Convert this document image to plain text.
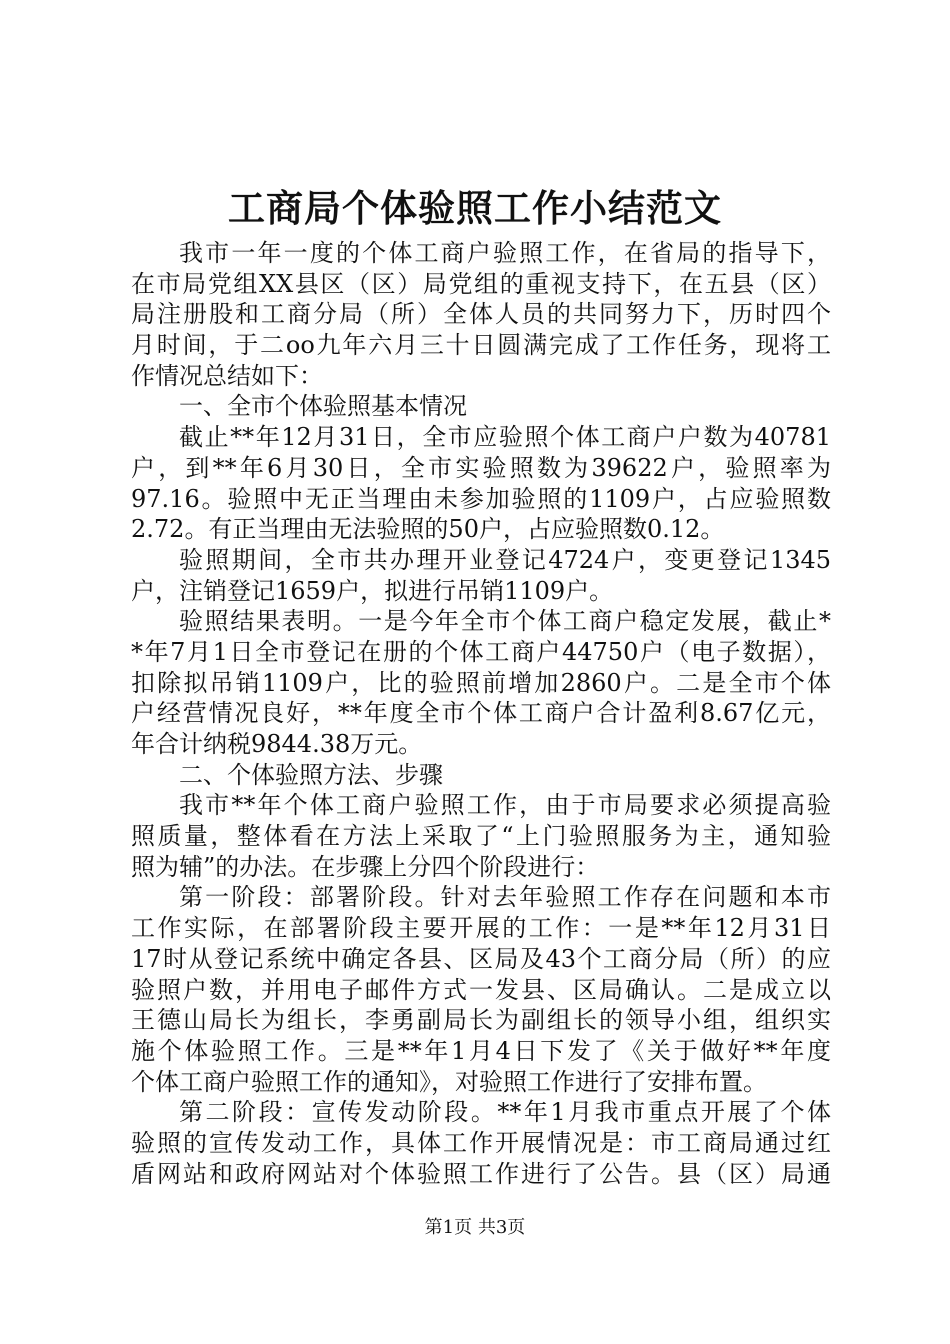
工商局个体验照工作小结范文
我市一年一度的个体工商户验照工作，在省局的指导下，
在市局党组XX县区（区）局党组的重视支持下，在五县（区）
局注册股和工商分局（所）全体人员的共同努力下，历时四个
月时间，于二oo九年六月三十日圆满完成了工作任务，现将工
作情况总结如下：
一、全市个体验照基本情况
截止**年12月31日，全市应验照个体工商户户数为40781
户，到**年6月30日，全市实验照数为39622户，验照率为
97.16。验照中无正当理由未参加验照的1109户，占应验照数
2.72。有正当理由无法验照的50户，占应验照数0.12。
验照期间，全市共办理开业登记4724户，变更登记1345
户，注销登记1659户，拟进行吊销1109户。
验照结果表明。一是今年全市个体工商户稳定发展，截止*
*年7月1日全市登记在册的个体工商户44750户（电子数据），
扣除拟吊销1109户，比的验照前增加2860户。二是全市个体
户经营情况良好，**年度全市个体工商户合计盈利8.67亿元，
年合计纳税9844.38万元。
二、个体验照方法、步骤
我市**年个体工商户验照工作，由于市局要求必须提高验
照质量，整体看在方法上采取了“上门验照服务为主，通知验
照为辅”的办法。在步骤上分四个阶段进行：
第一阶段：部署阶段。针对去年验照工作存在问题和本市
工作实际，在部署阶段主要开展的工作：一是**年12月31日
17时从登记系统中确定各县、区局及43个工商分局（所）的应
验照户数，并用电子邮件方式一发县、区局确认。二是成立以
王德山局长为组长，李勇副局长为副组长的领导小组，组织实
施个体验照工作。三是**年1月4日下发了《关于做好**年度
个体工商户验照工作的通知》，对验照工作进行了安排布置。
第二阶段：宣传发动阶段。**年1月我市重点开展了个体
验照的宣传发动工作，具体工作开展情况是：市工商局通过红
盾网站和政府网站对个体验照工作进行了公告。县（区）局通
第1页 共3页
